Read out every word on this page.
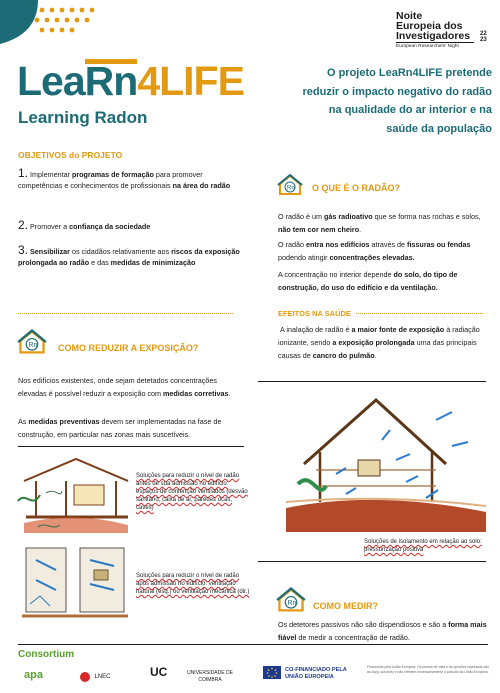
Noite
Europeia dos
Investigadores
European Researchers' Night
22
23
LeaRn4LIFE
Learning Radon
O projeto LeaRn4LIFE pretende reduzir o impacto negativo do radão na qualidade do ar interior e na saúde da população
OBJETIVOS do PROJETO
1. Implementar programas de formação para promover competências e conhecimentos de profissionais na área do radão
2. Promover a confiança da sociedade
3. Sensibilizar os cidadãos relativamente aos riscos da exposição prolongada ao radão e das medidas de minimização
Rn O QUE É O RADÃO?
O radão é um gás radioativo que se forma nas rochas e solos, não tem cor nem cheiro.
O radão entra nos edifícios através de fissuras ou fendas podendo atingir concentrações elevadas.
A concentração no interior depende do solo, do tipo de construção, do uso do edifício e da ventilação.
EFEITOS NA SAÚDE
A inalação de radão é a maior fonte de exposição à radiação ionizante, sendo a exposição prolongada uma das principais causas de cancro do pulmão.
Rn COMO REDUZIR A EXPOSIÇÃO?
Nos edifícios existentes, onde sejam detetados concentrações elevadas é possível reduzir a exposição com medidas corretivas.
As medidas preventivas devem ser implementadas na fase de construção, em particular nas zonas mais suscetíveis.
Soluções para reduzir o nível de radão antes de sua admissão no edifício: espaços de contenção ventilados (desvão sanitário, caixa de ar, paredes ocas, caves)
Soluções para reduzir o nível de radão após admissão no edifício: ventilação natural (esq.) ou ventilação mecânica (dir.)
Soluções de isolamento em relação ao solo: pressurização positiva
Rn COMO MEDIR?
Os detetores passivos não são dispendiosos e são a forma mais fiável de medir a concentração de radão.
Consortium
apa	LNEC	UC	UNIVERSIDADE DE COIMBRA
CO-FINANCIADO PELA
UNIÃO EUROPEIA
Financiado pela União Europeia. Os pontos de vista e as opiniões expressas são as do(s) autor(es) e não refletem necessariamente a posição da União Europeia.
